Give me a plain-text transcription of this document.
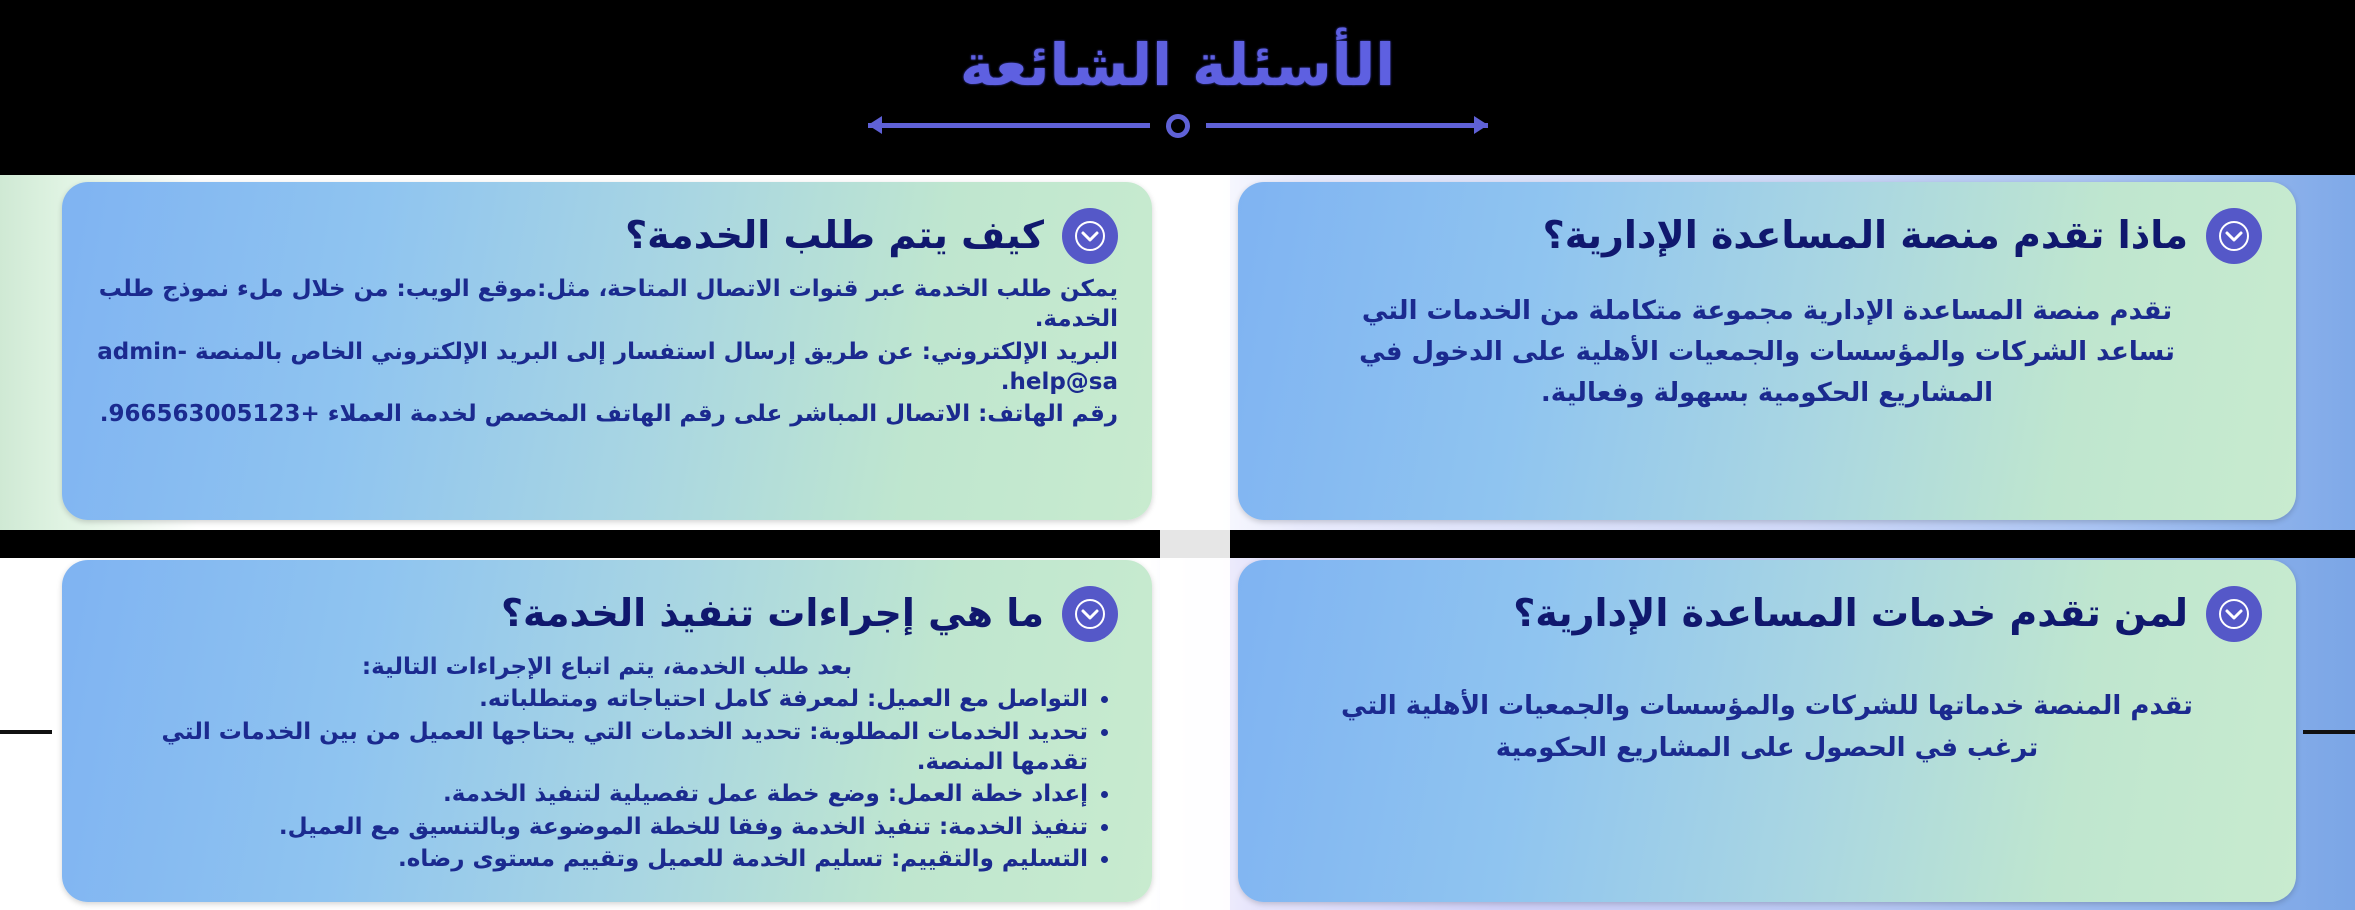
الأسئلة الشائعة
ماذا تقدم منصة المساعدة الإدارية؟

تقدم منصة المساعدة الإدارية مجموعة متكاملة من الخدمات التي

تساعد الشركات والمؤسسات والجمعيات الأهلية على الدخول في

المشاريع الحكومية بسهولة وفعالية.

كيف يتم طلب الخدمة؟

يمكن طلب الخدمة عبر قنوات الاتصال المتاحة، مثل:موقع الويب: من خلال ملء نموذج طلب الخدمة.

البريد الإلكتروني: عن طريق إرسال استفسار إلى البريد الإلكتروني الخاص بالمنصة admin-help@sa.

رقم الهاتف: الاتصال المباشر على رقم الهاتف المخصص لخدمة العملاء +966563005123.

لمن تقدم خدمات المساعدة الإدارية؟

تقدم المنصة خدماتها للشركات والمؤسسات والجمعيات الأهلية التي

ترغب في الحصول على المشاريع الحكومية

ما هي إجراءات تنفيذ الخدمة؟

بعد طلب الخدمة، يتم اتباع الإجراءات التالية:

• التواصل مع العميل: لمعرفة كامل احتياجاته ومتطلباته.
• تحديد الخدمات المطلوبة: تحديد الخدمات التي يحتاجها العميل من بين الخدمات التي تقدمها المنصة.
• إعداد خطة العمل: وضع خطة عمل تفصيلية لتنفيذ الخدمة.
• تنفيذ الخدمة: تنفيذ الخدمة وفقا للخطة الموضوعة وبالتنسيق مع العميل.
• التسليم والتقييم: تسليم الخدمة للعميل وتقييم مستوى رضاه.
